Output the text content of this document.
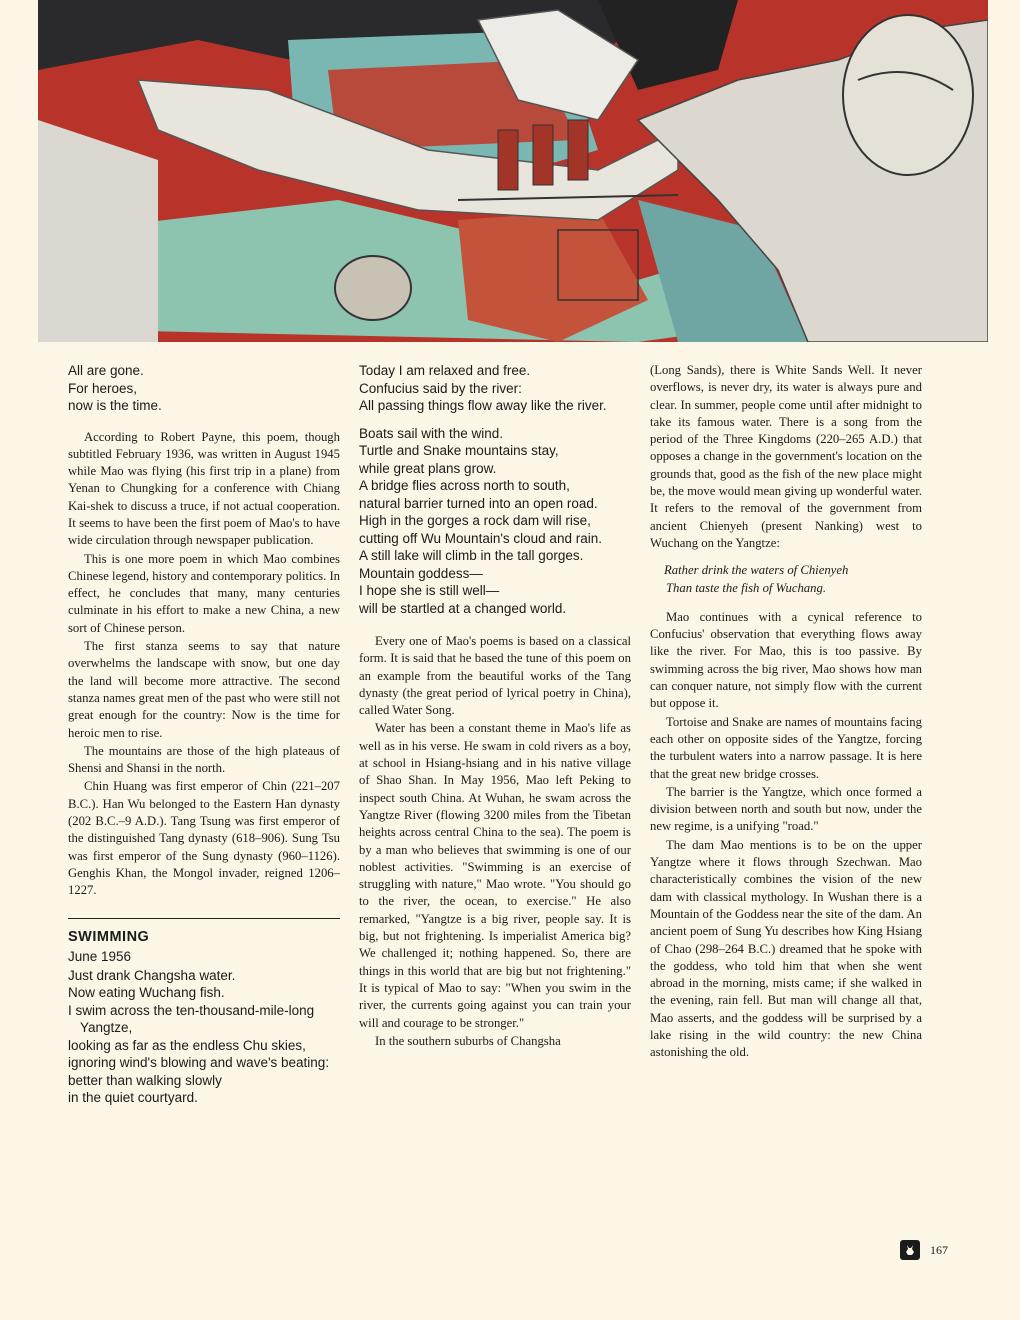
All are gone.
For heroes,
now is the time.

According to Robert Payne, this poem, though subtitled February 1936, was written in August 1945 while Mao was flying (his first trip in a plane) from Yenan to Chungking for a conference with Chiang Kai-shek to discuss a truce, if not actual cooperation. It seems to have been the first poem of Mao's to have wide circulation through newspaper publication.

This is one more poem in which Mao combines Chinese legend, history and contemporary politics. In effect, he concludes that many, many centuries culminate in his effort to make a new China, a new sort of Chinese person.

The first stanza seems to say that nature overwhelms the landscape with snow, but one day the land will become more attractive. The second stanza names great men of the past who were still not great enough for the country: Now is the time for heroic men to rise.

The mountains are those of the high plateaus of Shensi and Shansi in the north.

Chin Huang was first emperor of Chin (221–207 B.C.). Han Wu belonged to the Eastern Han dynasty (202 B.C.–9 A.D.). Tang Tsung was first emperor of the distinguished Tang dynasty (618–906). Sung Tsu was first emperor of the Sung dynasty (960–1126). Genghis Khan, the Mongol invader, reigned 1206–1227.

SWIMMING
June 1956
Just drank Changsha water.
Now eating Wuchang fish.
I swim across the ten-thousand-mile-long Yangtze,
looking as far as the endless Chu skies,
ignoring wind's blowing and wave's beating:
better than walking slowly
in the quiet courtyard.
Today I am relaxed and free.
Confucius said by the river:
All passing things flow away like the river.
Boats sail with the wind.
Turtle and Snake mountains stay,
while great plans grow.
A bridge flies across north to south,
natural barrier turned into an open road.
High in the gorges a rock dam will rise,
cutting off Wu Mountain's cloud and rain.
A still lake will climb in the tall gorges.
Mountain goddess—
I hope she is still well—
will be startled at a changed world.

Every one of Mao's poems is based on a classical form. It is said that he based the tune of this poem on an example from the beautiful works of the Tang dynasty (the great period of lyrical poetry in China), called Water Song.

Water has been a constant theme in Mao's life as well as in his verse. He swam in cold rivers as a boy, at school in Hsiang-hsiang and in his native village of Shao Shan. In May 1956, Mao left Peking to inspect south China. At Wuhan, he swam across the Yangtze River (flowing 3200 miles from the Tibetan heights across central China to the sea). The poem is by a man who believes that swimming is one of our noblest activities. "Swimming is an exercise of struggling with nature," Mao wrote. "You should go to the river, the ocean, to exercise." He also remarked, "Yangtze is a big river, people say. It is big, but not frightening. Is imperialist America big? We challenged it; nothing happened. So, there are things in this world that are big but not frightening." It is typical of Mao to say: "When you swim in the river, the currents going against you can train your will and courage to be stronger."

In the southern suburbs of Changsha

(Long Sands), there is White Sands Well. It never overflows, is never dry, its water is always pure and clear. In summer, people come until after midnight to take its famous water. There is a song from the period of the Three Kingdoms (220–265 A.D.) that opposes a change in the government's location on the grounds that, good as the fish of the new place might be, the move would mean giving up wonderful water. It refers to the removal of the government from ancient Chienyeh (present Nanking) west to Wuchang on the Yangtze:

Rather drink the waters of Chienyeh
Than taste the fish of Wuchang.

Mao continues with a cynical reference to Confucius' observation that everything flows away like the river. For Mao, this is too passive. By swimming across the big river, Mao shows how man can conquer nature, not simply flow with the current but oppose it.

Tortoise and Snake are names of mountains facing each other on opposite sides of the Yangtze, forcing the turbulent waters into a narrow passage. It is here that the great new bridge crosses.

The barrier is the Yangtze, which once formed a division between north and south but now, under the new regime, is a unifying "road."

The dam Mao mentions is to be on the upper Yangtze where it flows through Szechwan. Mao characteristically combines the vision of the new dam with classical mythology. In Wushan there is a Mountain of the Goddess near the site of the dam. An ancient poem of Sung Yu describes how King Hsiang of Chao (298–264 B.C.) dreamed that he spoke with the goddess, who told him that when she went abroad in the morning, mists came; if she walked in the evening, rain fell. But man will change all that, Mao asserts, and the goddess will be surprised by a lake rising in the wild country: the new China astonishing the old.

167
